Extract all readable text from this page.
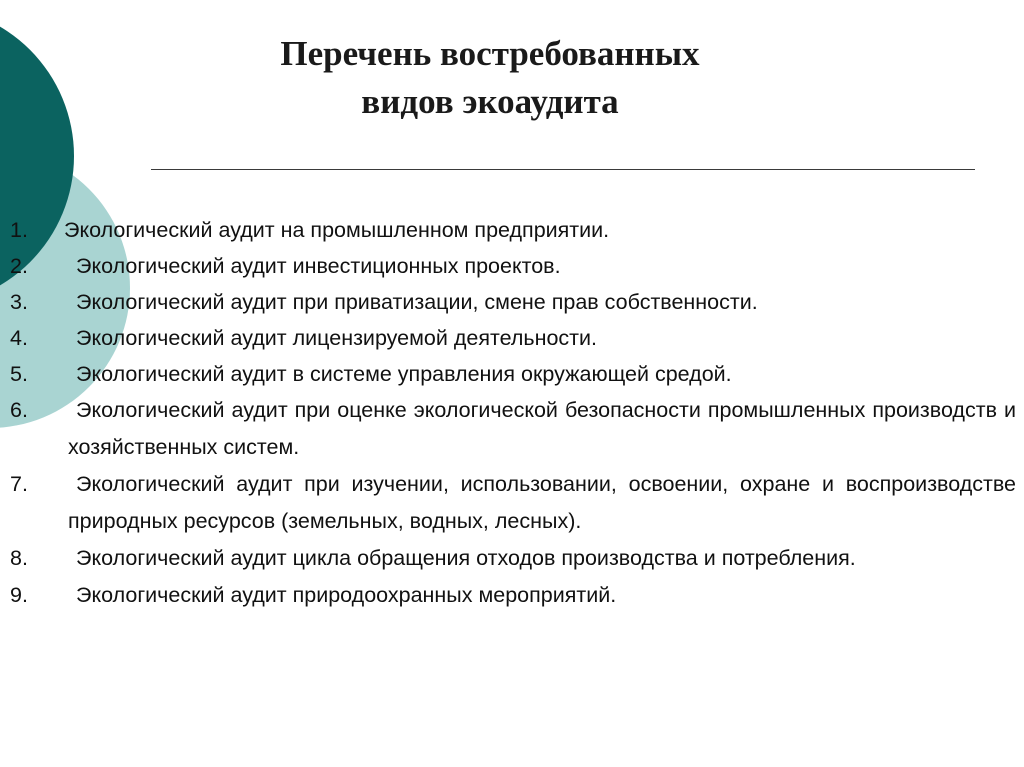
Перечень востребованных
видов экоаудита
1. Экологический аудит на промышленном предприятии.
2.	Экологический аудит инвестиционных проектов.
3.	Экологический аудит при приватизации, смене прав собственности.
4.	Экологический аудит лицензируемой деятельности.
5.	Экологический аудит в системе управления окружающей средой.
6.	Экологический аудит при оценке экологической безопасности промышленных производств и хозяйственных систем.
7.	Экологический аудит при изучении, использовании, освоении, охране и воспроизводстве природных ресурсов (земельных, водных, лесных).
8.	Экологический аудит цикла обращения отходов производства и потребления.
9.	Экологический аудит природоохранных мероприятий.
